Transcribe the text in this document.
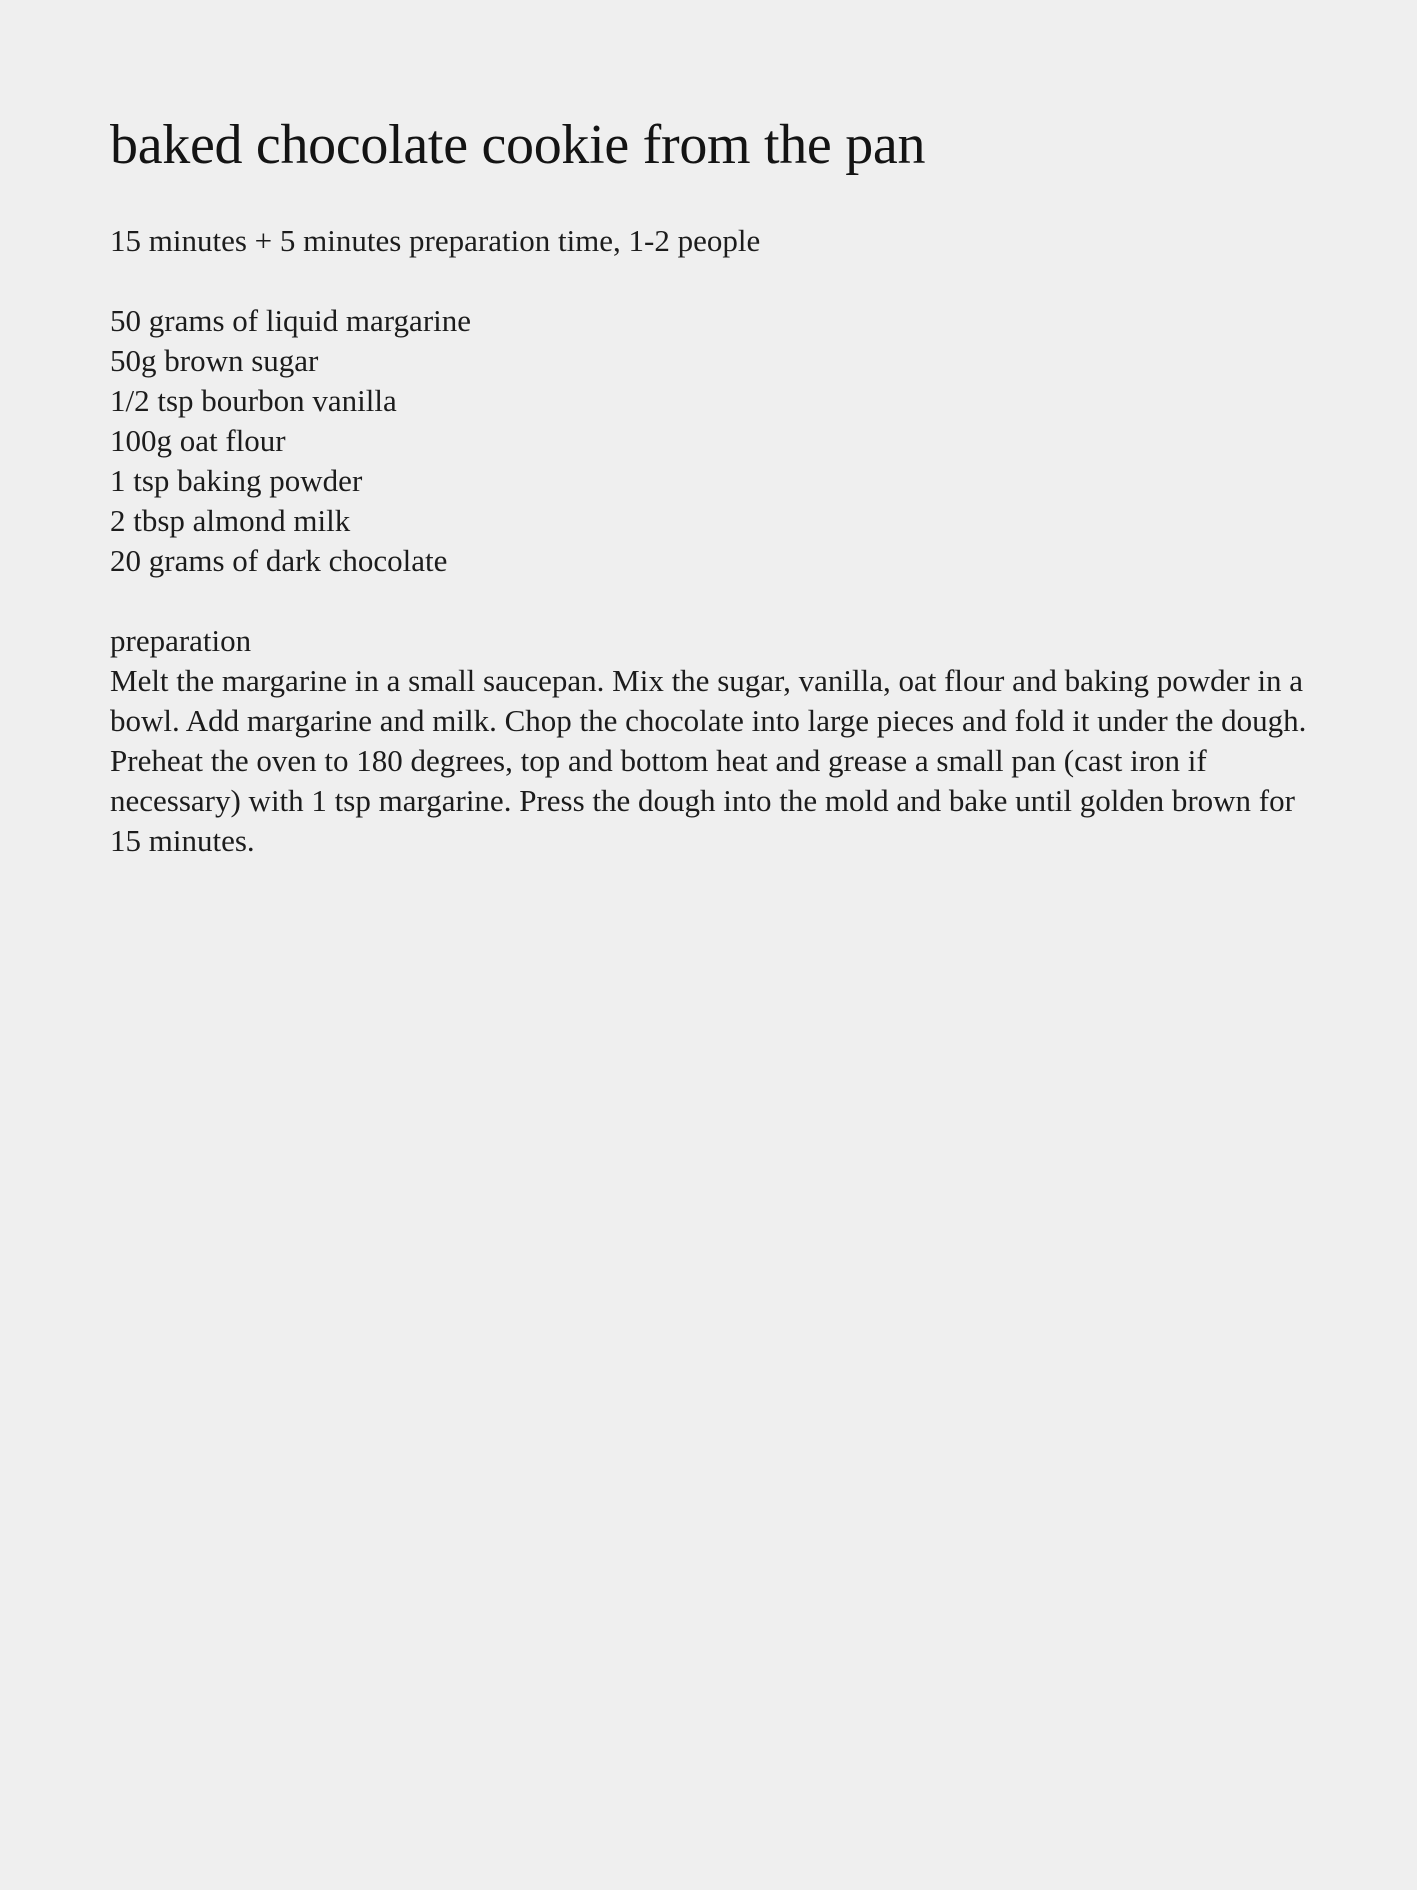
baked chocolate cookie from the pan

15 minutes + 5 minutes preparation time, 1-2 people

50 grams of liquid margarine
50g brown sugar
1/2 tsp bourbon vanilla
100g oat flour
1 tsp baking powder
2 tbsp almond milk
20 grams of dark chocolate

preparation

Melt the margarine in a small saucepan. Mix the sugar, vanilla, oat flour and baking powder in a bowl. Add margarine and milk. Chop the chocolate into large pieces and fold it under the dough. Preheat the oven to 180 degrees, top and bottom heat and grease a small pan (cast iron if necessary) with 1 tsp margarine. Press the dough into the mold and bake until golden brown for 15 minutes.
